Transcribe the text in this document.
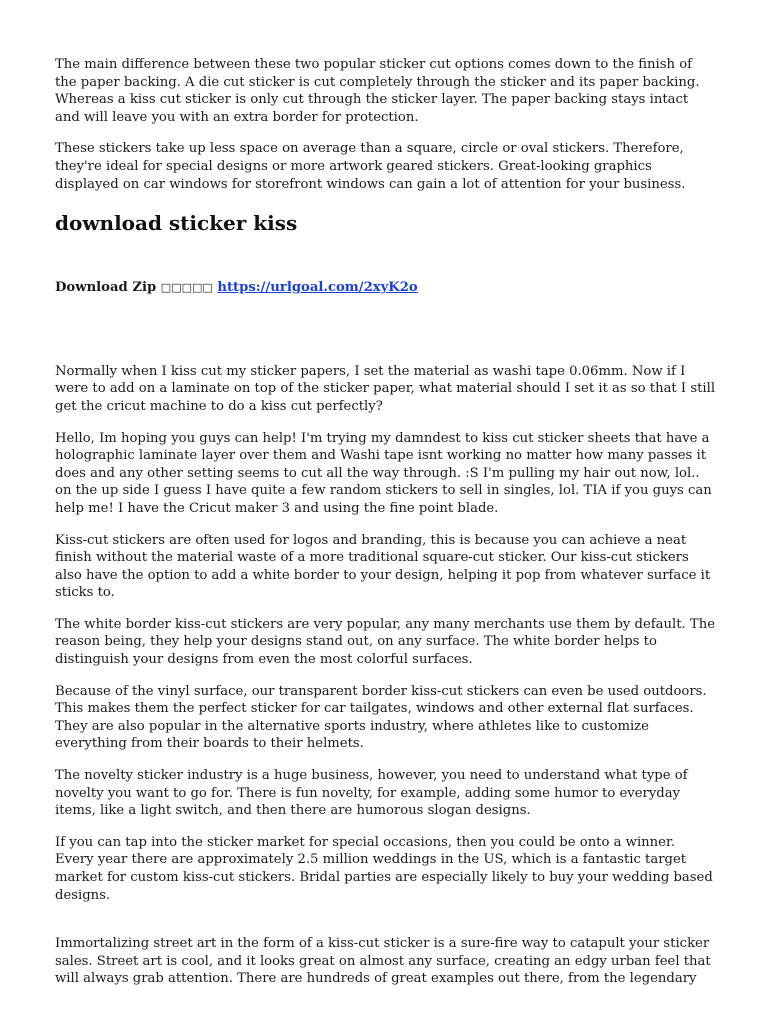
The main difference between these two popular sticker cut options comes down to the finish of the paper backing. A die cut sticker is cut completely through the sticker and its paper backing. Whereas a kiss cut sticker is only cut through the sticker layer. The paper backing stays intact and will leave you with an extra border for protection.

These stickers take up less space on average than a square, circle or oval stickers. Therefore, they're ideal for special designs or more artwork geared stickers. Great-looking graphics displayed on car windows for storefront windows can gain a lot of attention for your business.

download sticker kiss
Download Zip □□□□□ https://urlgoal.com/2xyK2o

Normally when I kiss cut my sticker papers, I set the material as washi tape 0.06mm. Now if I were to add on a laminate on top of the sticker paper, what material should I set it as so that I still get the cricut machine to do a kiss cut perfectly?

Hello, Im hoping you guys can help! I'm trying my damndest to kiss cut sticker sheets that have a holographic laminate layer over them and Washi tape isnt working no matter how many passes it does and any other setting seems to cut all the way through. :S I'm pulling my hair out now, lol.. on the up side I guess I have quite a few random stickers to sell in singles, lol. TIA if you guys can help me! I have the Cricut maker 3 and using the fine point blade.

Kiss-cut stickers are often used for logos and branding, this is because you can achieve a neat finish without the material waste of a more traditional square-cut sticker. Our kiss-cut stickers also have the option to add a white border to your design, helping it pop from whatever surface it sticks to.

The white border kiss-cut stickers are very popular, any many merchants use them by default. The reason being, they help your designs stand out, on any surface. The white border helps to distinguish your designs from even the most colorful surfaces.

Because of the vinyl surface, our transparent border kiss-cut stickers can even be used outdoors. This makes them the perfect sticker for car tailgates, windows and other external flat surfaces. They are also popular in the alternative sports industry, where athletes like to customize everything from their boards to their helmets.

The novelty sticker industry is a huge business, however, you need to understand what type of novelty you want to go for. There is fun novelty, for example, adding some humor to everyday items, like a light switch, and then there are humorous slogan designs.

If you can tap into the sticker market for special occasions, then you could be onto a winner. Every year there are approximately 2.5 million weddings in the US, which is a fantastic target market for custom kiss-cut stickers. Bridal parties are especially likely to buy your wedding based designs.

Immortalizing street art in the form of a kiss-cut sticker is a sure-fire way to catapult your sticker sales. Street art is cool, and it looks great on almost any surface, creating an edgy urban feel that will always grab attention. There are hundreds of great examples out there, from the legendary
